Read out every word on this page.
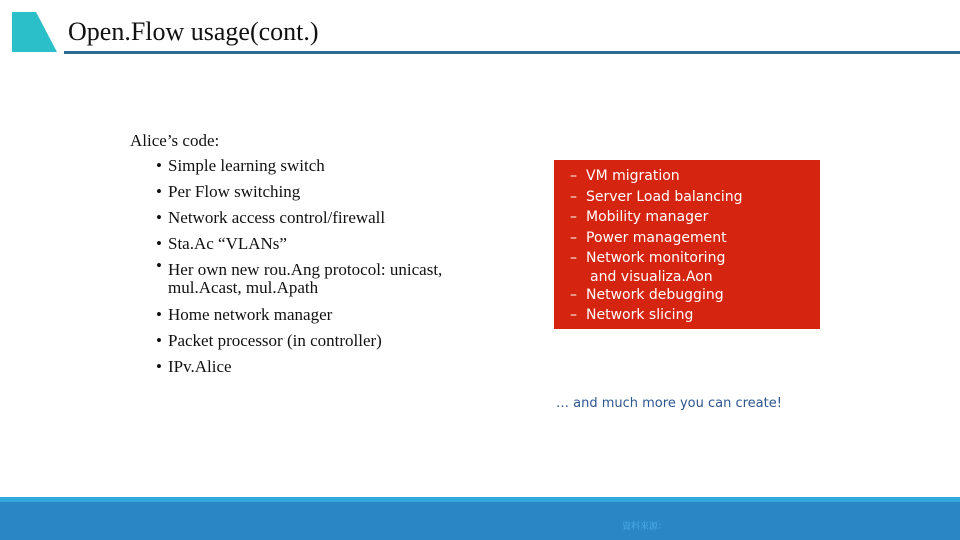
Open.Flow usage(cont.)

Alice’s code:

• Simple learning switch
• Per Flow switching
• Network access control/firewall
• Sta.Ac “VLANs”
• Her own new rou.Ang protocol: unicast,
mul.Acast, mul.Apath
• Home network manager
• Packet processor (in controller)
• IPv.Alice
– VM migration
– Server Load balancing
– Mobility manager
– Power management
– Network monitoring
and visualiza.Aon
– Network debugging
– Network slicing
… and much more you can create!
資料來源：
